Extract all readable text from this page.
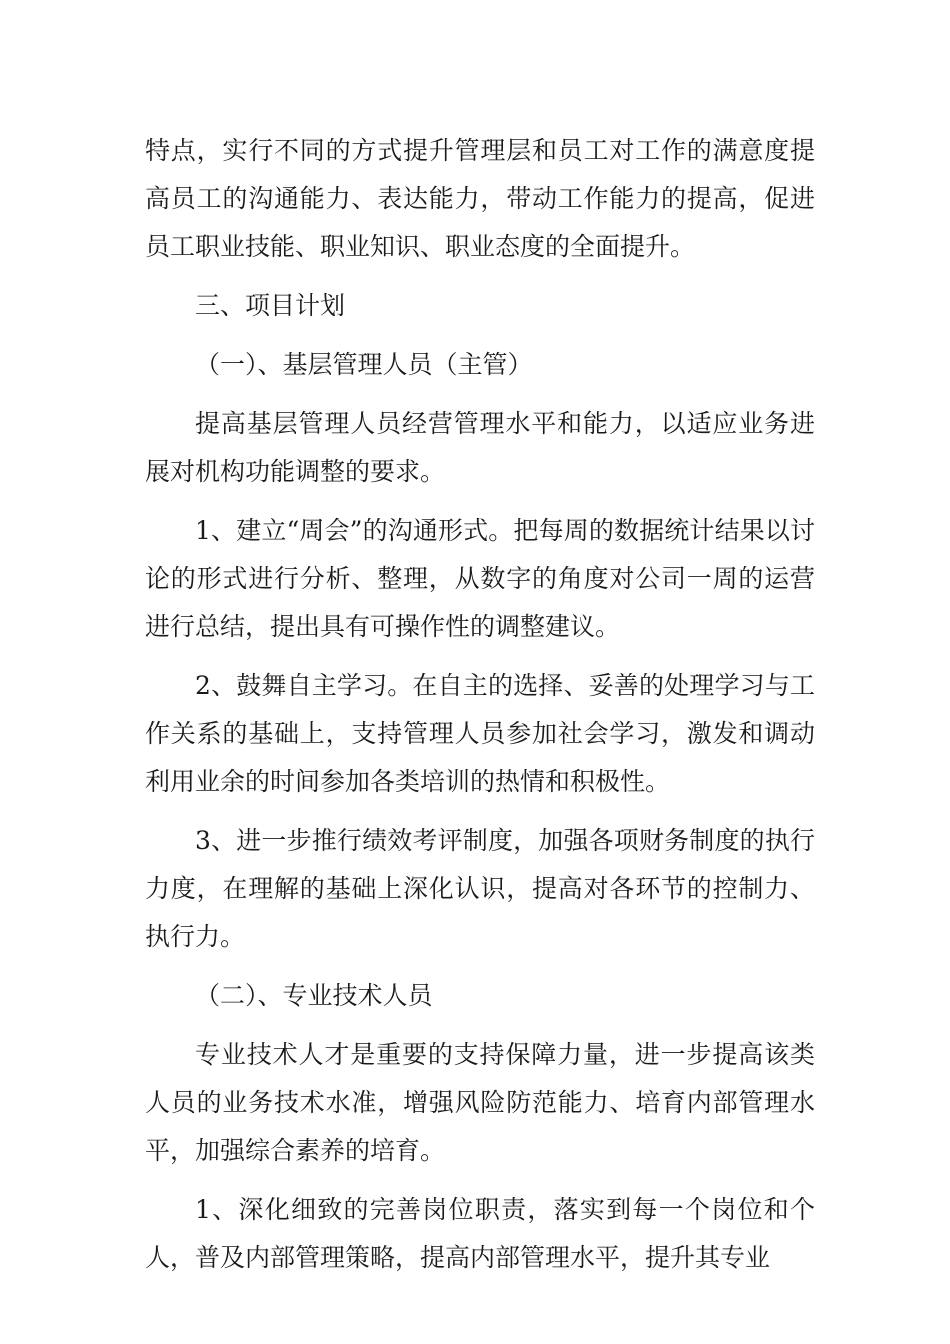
特点，实行不同的方式提升管理层和员工对工作的满意度提高员工的沟通能力、表达能力，带动工作能力的提高，促进员工职业技能、职业知识、职业态度的全面提升。

三、项目计划

（一）、基层管理人员（主管）

提高基层管理人员经营管理水平和能力，以适应业务进展对机构功能调整的要求。

1、建立“周会”的沟通形式。把每周的数据统计结果以讨论的形式进行分析、整理，从数字的角度对公司一周的运营进行总结，提出具有可操作性的调整建议。

2、鼓舞自主学习。在自主的选择、妥善的处理学习与工作关系的基础上，支持管理人员参加社会学习，激发和调动利用业余的时间参加各类培训的热情和积极性。

3、进一步推行绩效考评制度，加强各项财务制度的执行力度，在理解的基础上深化认识，提高对各环节的控制力、执行力。

（二）、专业技术人员

专业技术人才是重要的支持保障力量，进一步提高该类人员的业务技术水准，增强风险防范能力、培育内部管理水平，加强综合素养的培育。

1、深化细致的完善岗位职责，落实到每一个岗位和个人，普及内部管理策略，提高内部管理水平，提升其专业
